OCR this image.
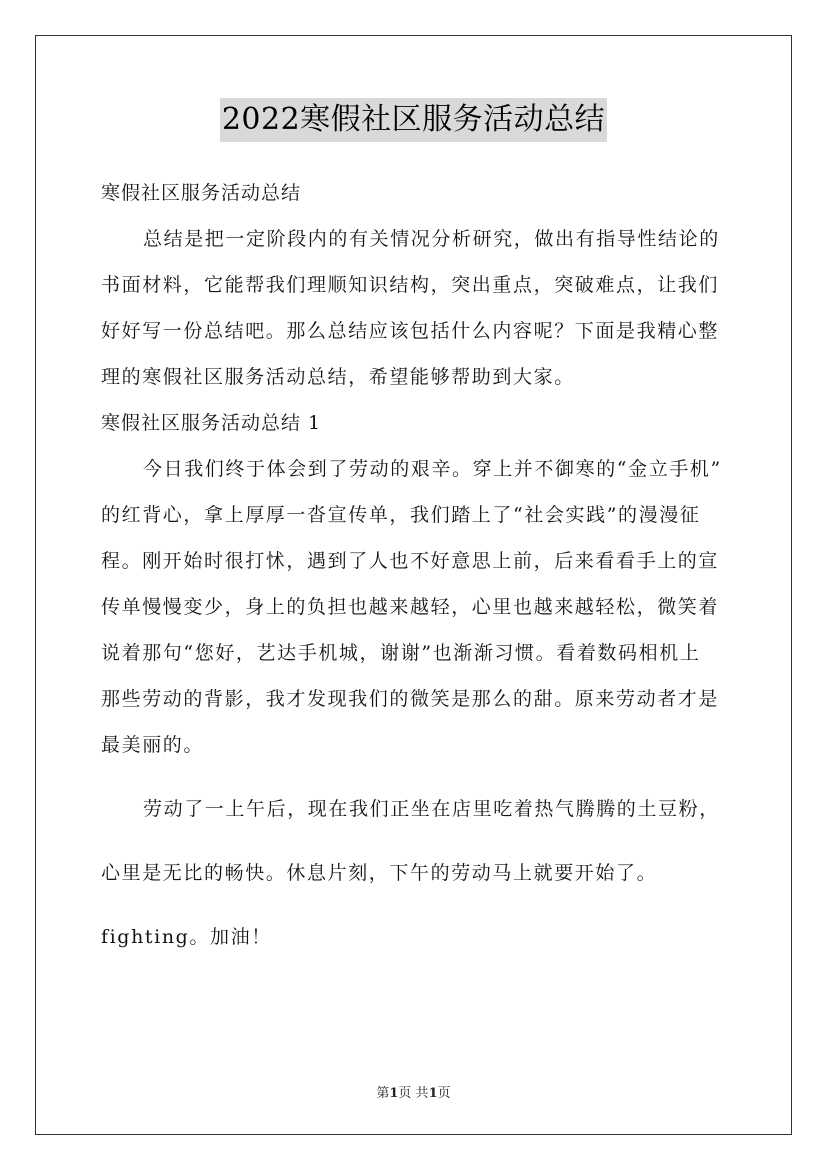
2022寒假社区服务活动总结
寒假社区服务活动总结
总结是把一定阶段内的有关情况分析研究，做出有指导性结论的
书面材料，它能帮我们理顺知识结构，突出重点，突破难点，让我们
好好写一份总结吧。那么总结应该包括什么内容呢？下面是我精心整
理的寒假社区服务活动总结，希望能够帮助到大家。
寒假社区服务活动总结 1
今日我们终于体会到了劳动的艰辛。穿上并不御寒的“金立手机”
的红背心，拿上厚厚一沓宣传单，我们踏上了“社会实践”的漫漫征
程。刚开始时很打怵，遇到了人也不好意思上前，后来看看手上的宣
传单慢慢变少，身上的负担也越来越轻，心里也越来越轻松，微笑着
说着那句“您好，艺达手机城，谢谢”也渐渐习惯。看着数码相机上
那些劳动的背影，我才发现我们的微笑是那么的甜。原来劳动者才是
最美丽的。
劳动了一上午后，现在我们正坐在店里吃着热气腾腾的土豆粉，
心里是无比的畅快。休息片刻，下午的劳动马上就要开始了。
fighting。加油！
第1页 共1页
